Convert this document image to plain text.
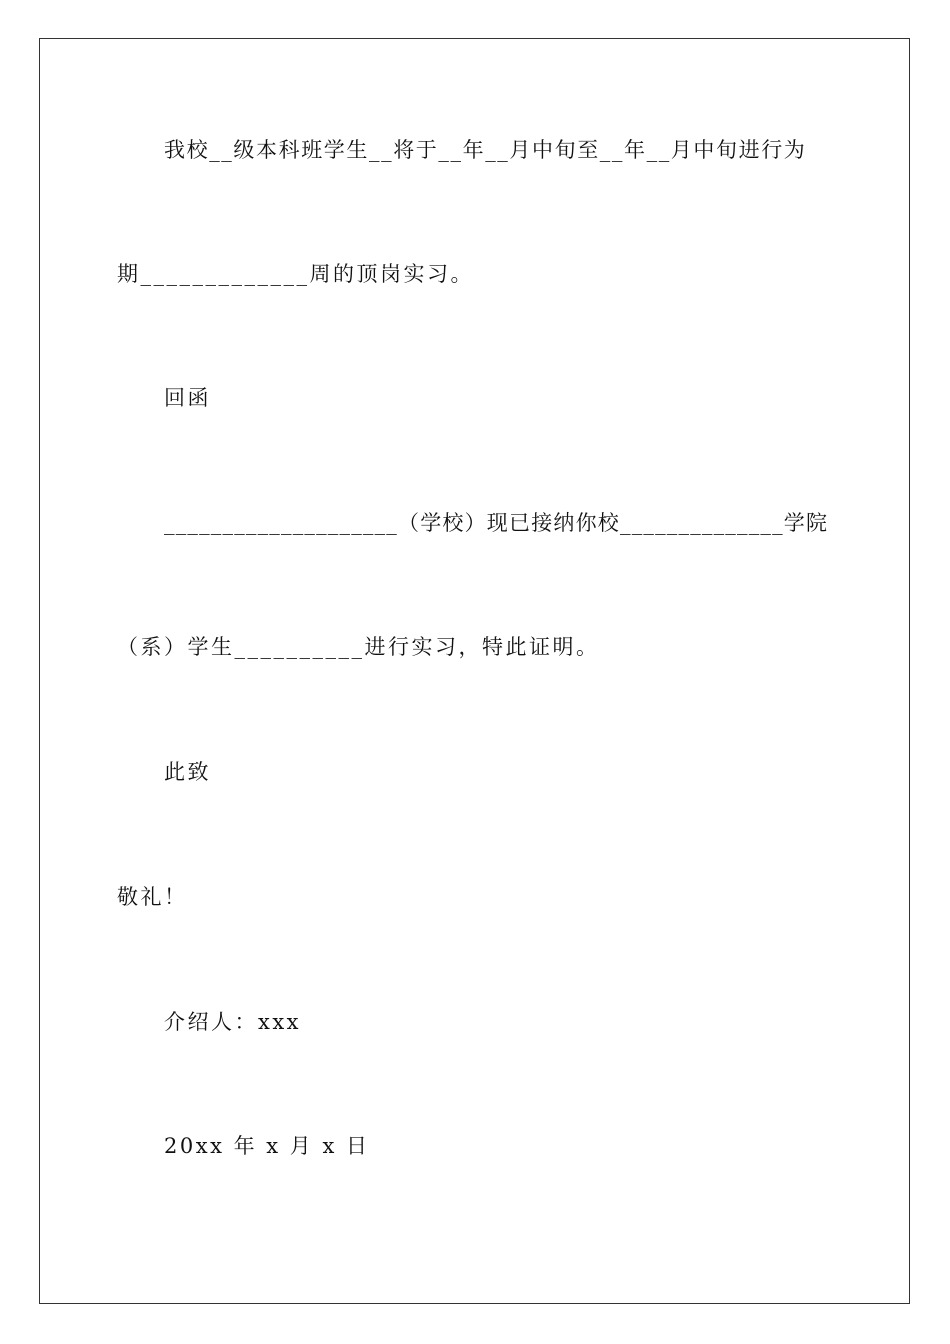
我校__级本科班学生__将于__年__月中旬至__年__月中旬进行为
期_____________周的顶岗实习。
回函
____________________（学校）现已接纳你校______________学院
（系）学生__________进行实习，特此证明。
此致
敬礼！
介绍人：xxx
20xx 年 x 月 x 日
